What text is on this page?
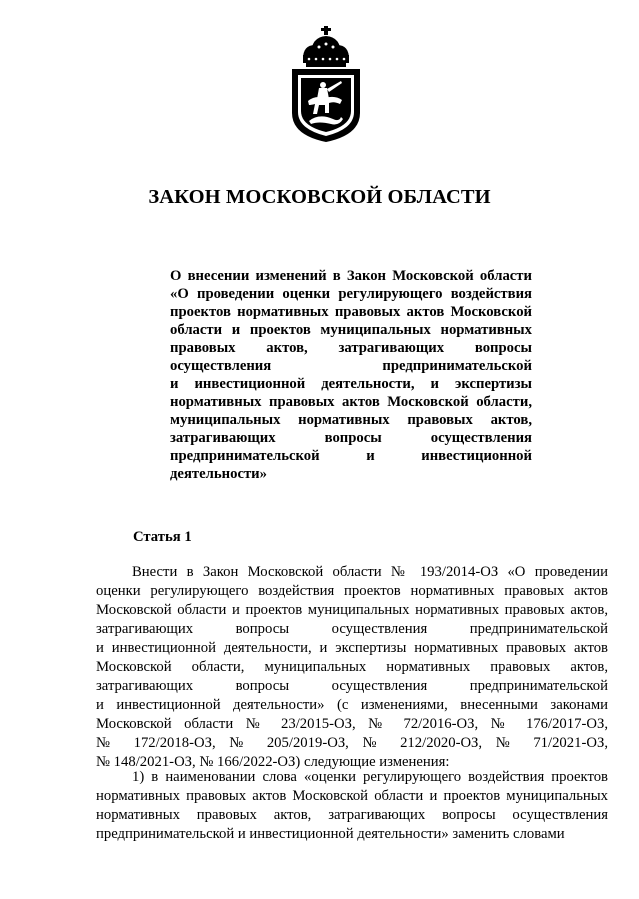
ЗАКОН МОСКОВСКОЙ ОБЛАСТИ
О внесении изменений в Закон Московской области
«О проведении оценки регулирующего воздействия
проектов нормативных правовых актов Московской
области и проектов муниципальных нормативных
правовых актов, затрагивающих вопросы
осуществления предпринимательской
и инвестиционной деятельности, и экспертизы
нормативных правовых актов Московской области,
муниципальных нормативных правовых актов,
затрагивающих вопросы осуществления
предпринимательской и инвестиционной
деятельности»
Статья 1
Внести в Закон Московской области № 193/2014-ОЗ «О проведении
оценки регулирующего воздействия проектов нормативных правовых актов
Московской области и проектов муниципальных нормативных правовых актов,
затрагивающих вопросы осуществления предпринимательской
и инвестиционной деятельности, и экспертизы нормативных правовых актов
Московской области, муниципальных нормативных правовых актов,
затрагивающих вопросы осуществления предпринимательской
и инвестиционной деятельности» (с изменениями, внесенными законами
Московской области № 23/2015-ОЗ, № 72/2016-ОЗ, № 176/2017-ОЗ,
№ 172/2018-ОЗ, № 205/2019-ОЗ, № 212/2020-ОЗ, № 71/2021-ОЗ,
№ 148/2021-ОЗ, № 166/2022-ОЗ) следующие изменения:
1) в наименовании слова «оценки регулирующего воздействия проектов
нормативных правовых актов Московской области и проектов муниципальных
нормативных правовых актов, затрагивающих вопросы осуществления
предпринимательской и инвестиционной деятельности» заменить словами
